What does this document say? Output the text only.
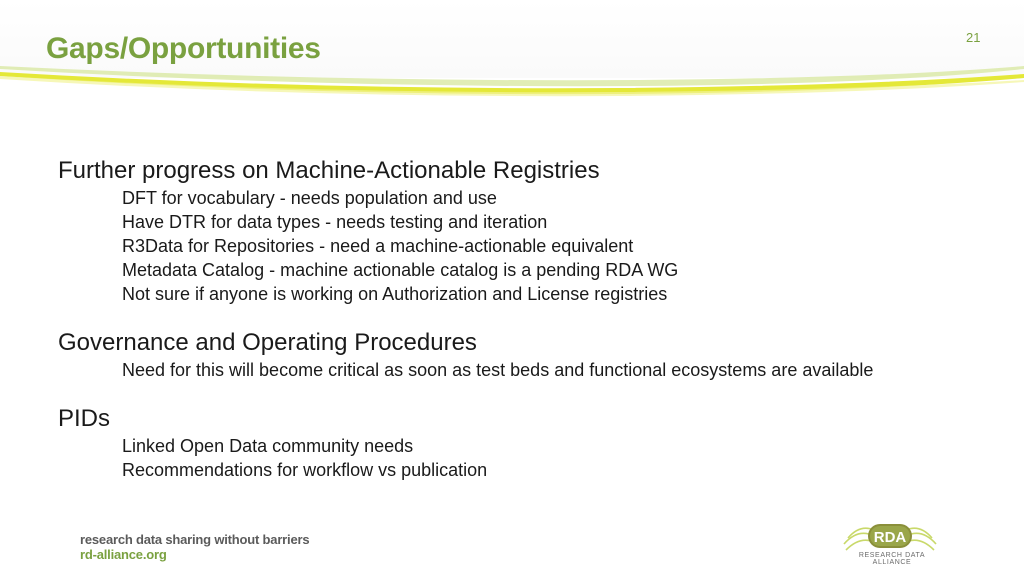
Gaps/Opportunities	21

Further progress on Machine-Actionable Registries

DFT for vocabulary - needs population and use
Have DTR for data types - needs testing and iteration
R3Data for Repositories - need a machine-actionable equivalent
Metadata Catalog - machine actionable catalog is a pending RDA WG
Not sure if anyone is working on Authorization and License registries

Governance and Operating Procedures

Need for this will become critical as soon as test beds and functional ecosystems are available

PIDs

Linked Open Data community needs
Recommendations for workflow vs publication
research data sharing without barriers
rd-alliance.org
RDA
RESEARCH DATA ALLIANCE
